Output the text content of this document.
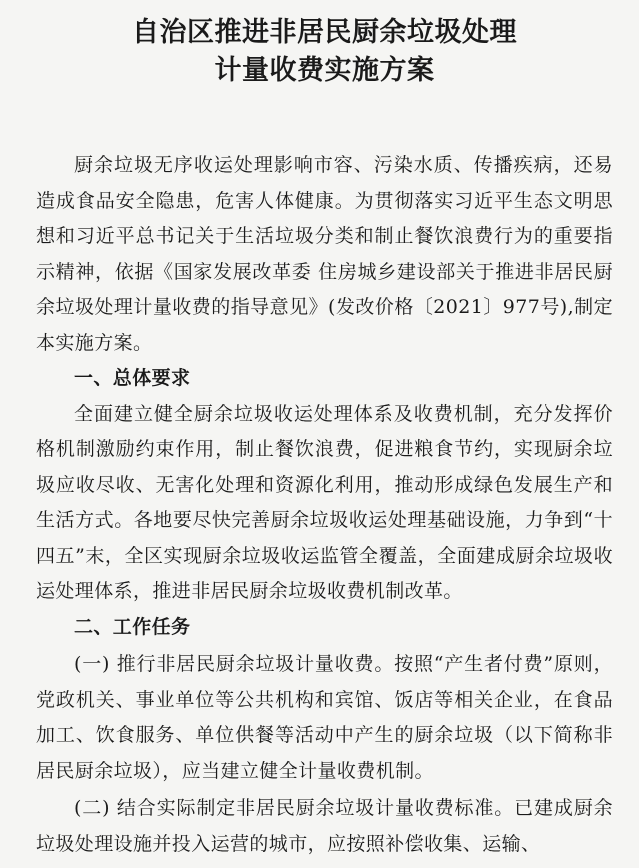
自治区推进非居民厨余垃圾处理
计量收费实施方案

厨余垃圾无序收运处理影响市容、污染水质、传播疾病，还易造成食品安全隐患，危害人体健康。为贯彻落实习近平生态文明思想和习近平总书记关于生活垃圾分类和制止餐饮浪费行为的重要指示精神，依据《国家发展改革委 住房城乡建设部关于推进非居民厨余垃圾处理计量收费的指导意见》(发改价格〔2021〕977号),制定本实施方案。

一、总体要求

全面建立健全厨余垃圾收运处理体系及收费机制，充分发挥价格机制激励约束作用，制止餐饮浪费，促进粮食节约，实现厨余垃圾应收尽收、无害化处理和资源化利用，推动形成绿色发展生产和生活方式。各地要尽快完善厨余垃圾收运处理基础设施，力争到“十四五”末，全区实现厨余垃圾收运监管全覆盖，全面建成厨余垃圾收运处理体系，推进非居民厨余垃圾收费机制改革。

二、工作任务

(一) 推行非居民厨余垃圾计量收费。按照“产生者付费”原则，党政机关、事业单位等公共机构和宾馆、饭店等相关企业，在食品加工、饮食服务、单位供餐等活动中产生的厨余垃圾（以下简称非居民厨余垃圾），应当建立健全计量收费机制。

(二) 结合实际制定非居民厨余垃圾计量收费标准。已建成厨余垃圾处理设施并投入运营的城市，应按照补偿收集、运输、
